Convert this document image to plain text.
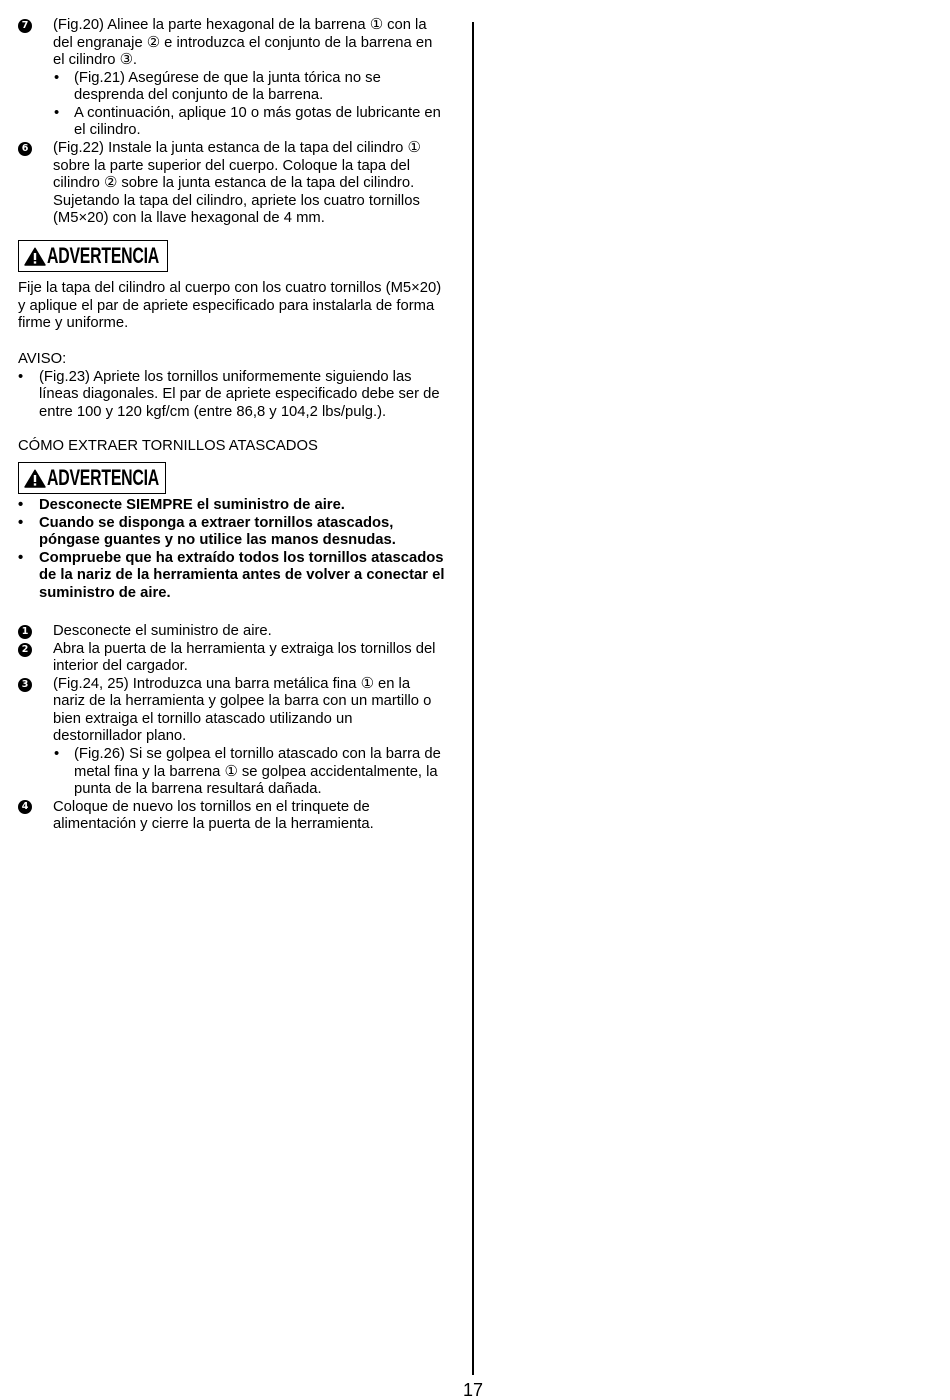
7 (Fig.20) Alinee la parte hexagonal de la barrena ① con la
del engranaje ② e introduzca el conjunto de la barrena en
el cilindro ③.
• (Fig.21) Asegúrese de que la junta tórica no se
desprenda del conjunto de la barrena.
• A continuación, aplique 10 o más gotas de lubricante en
el cilindro.
6 (Fig.22) Instale la junta estanca de la tapa del cilindro ①
sobre la parte superior del cuerpo. Coloque la tapa del
cilindro ② sobre la junta estanca de la tapa del cilindro.
Sujetando la tapa del cilindro, apriete los cuatro tornillos
(M5×20) con la llave hexagonal de 4 mm.
ADVERTENCIA
Fije la tapa del cilindro al cuerpo con los cuatro tornillos (M5×20)
y aplique el par de apriete especificado para instalarla de forma
firme y uniforme.
AVISO:
• (Fig.23) Apriete los tornillos uniformemente siguiendo las
líneas diagonales. El par de apriete especificado debe ser de
entre 100 y 120 kgf/cm (entre 86,8 y 104,2 lbs/pulg.).
CÓMO EXTRAER TORNILLOS ATASCADOS
ADVERTENCIA
• Desconecte SIEMPRE el suministro de aire.
• Cuando se disponga a extraer tornillos atascados,
póngase guantes y no utilice las manos desnudas.
• Compruebe que ha extraído todos los tornillos atascados
de la nariz de la herramienta antes de volver a conectar el
suministro de aire.
1 Desconecte el suministro de aire.
2 Abra la puerta de la herramienta y extraiga los tornillos del
interior del cargador.
3 (Fig.24, 25) Introduzca una barra metálica fina ① en la
nariz de la herramienta y golpee la barra con un martillo o
bien extraiga el tornillo atascado utilizando un
destornillador plano.
• (Fig.26) Si se golpea el tornillo atascado con la barra de
metal fina y la barrena ① se golpea accidentalmente, la
punta de la barrena resultará dañada.
4 Coloque de nuevo los tornillos en el trinquete de
alimentación y cierre la puerta de la herramienta.
17
